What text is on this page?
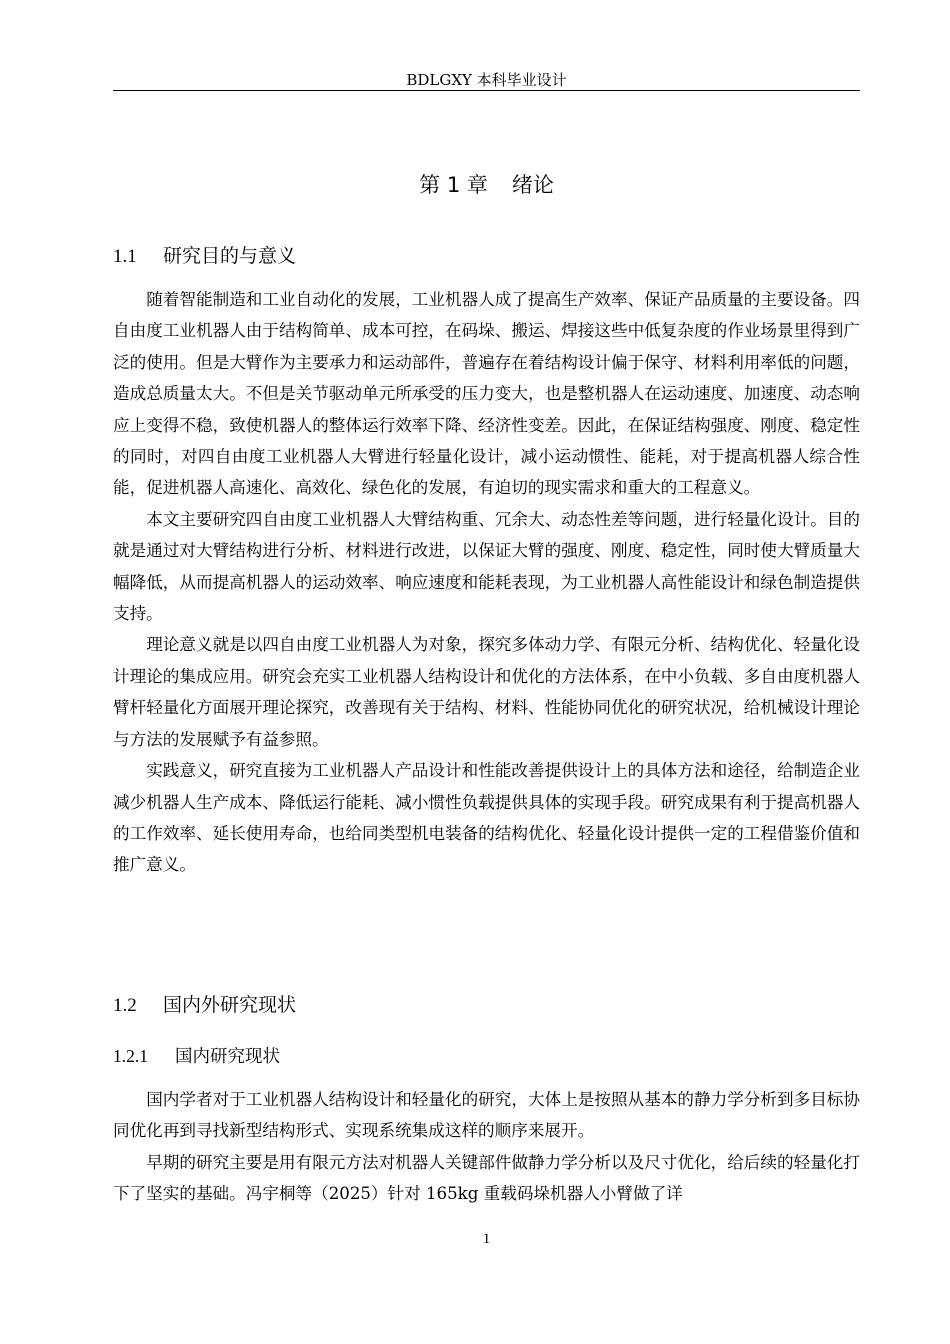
BDLGXY 本科毕业设计
第 1 章 绪论
1.1 研究目的与意义

随着智能制造和工业自动化的发展，工业机器人成了提高生产效率、保证产品质量的主要设备。四自由度工业机器人由于结构简单、成本可控，在码垛、搬运、焊接这些中低复杂度的作业场景里得到广泛的使用。但是大臂作为主要承力和运动部件，普遍存在着结构设计偏于保守、材料利用率低的问题，造成总质量太大。不但是关节驱动单元所承受的压力变大，也是整机器人在运动速度、加速度、动态响应上变得不稳，致使机器人的整体运行效率下降、经济性变差。因此，在保证结构强度、刚度、稳定性的同时，对四自由度工业机器人大臂进行轻量化设计，减小运动惯性、能耗，对于提高机器人综合性能，促进机器人高速化、高效化、绿色化的发展，有迫切的现实需求和重大的工程意义。

本文主要研究四自由度工业机器人大臂结构重、冗余大、动态性差等问题，进行轻量化设计。目的就是通过对大臂结构进行分析、材料进行改进，以保证大臂的强度、刚度、稳定性，同时使大臂质量大幅降低，从而提高机器人的运动效率、响应速度和能耗表现，为工业机器人高性能设计和绿色制造提供支持。

理论意义就是以四自由度工业机器人为对象，探究多体动力学、有限元分析、结构优化、轻量化设计理论的集成应用。研究会充实工业机器人结构设计和优化的方法体系，在中小负载、多自由度机器人臂杆轻量化方面展开理论探究，改善现有关于结构、材料、性能协同优化的研究状况，给机械设计理论与方法的发展赋予有益参照。

实践意义，研究直接为工业机器人产品设计和性能改善提供设计上的具体方法和途径，给制造企业减少机器人生产成本、降低运行能耗、减小惯性负载提供具体的实现手段。研究成果有利于提高机器人的工作效率、延长使用寿命，也给同类型机电装备的结构优化、轻量化设计提供一定的工程借鉴价值和推广意义。

1.2 国内外研究现状
1.2.1 国内研究现状

国内学者对于工业机器人结构设计和轻量化的研究，大体上是按照从基本的静力学分析到多目标协同优化再到寻找新型结构形式、实现系统集成这样的顺序来展开。

早期的研究主要是用有限元方法对机器人关键部件做静力学分析以及尺寸优化，给后续的轻量化打下了坚实的基础。冯宇桐等（2025）针对 165kg 重载码垛机器人小臂做了详

1
